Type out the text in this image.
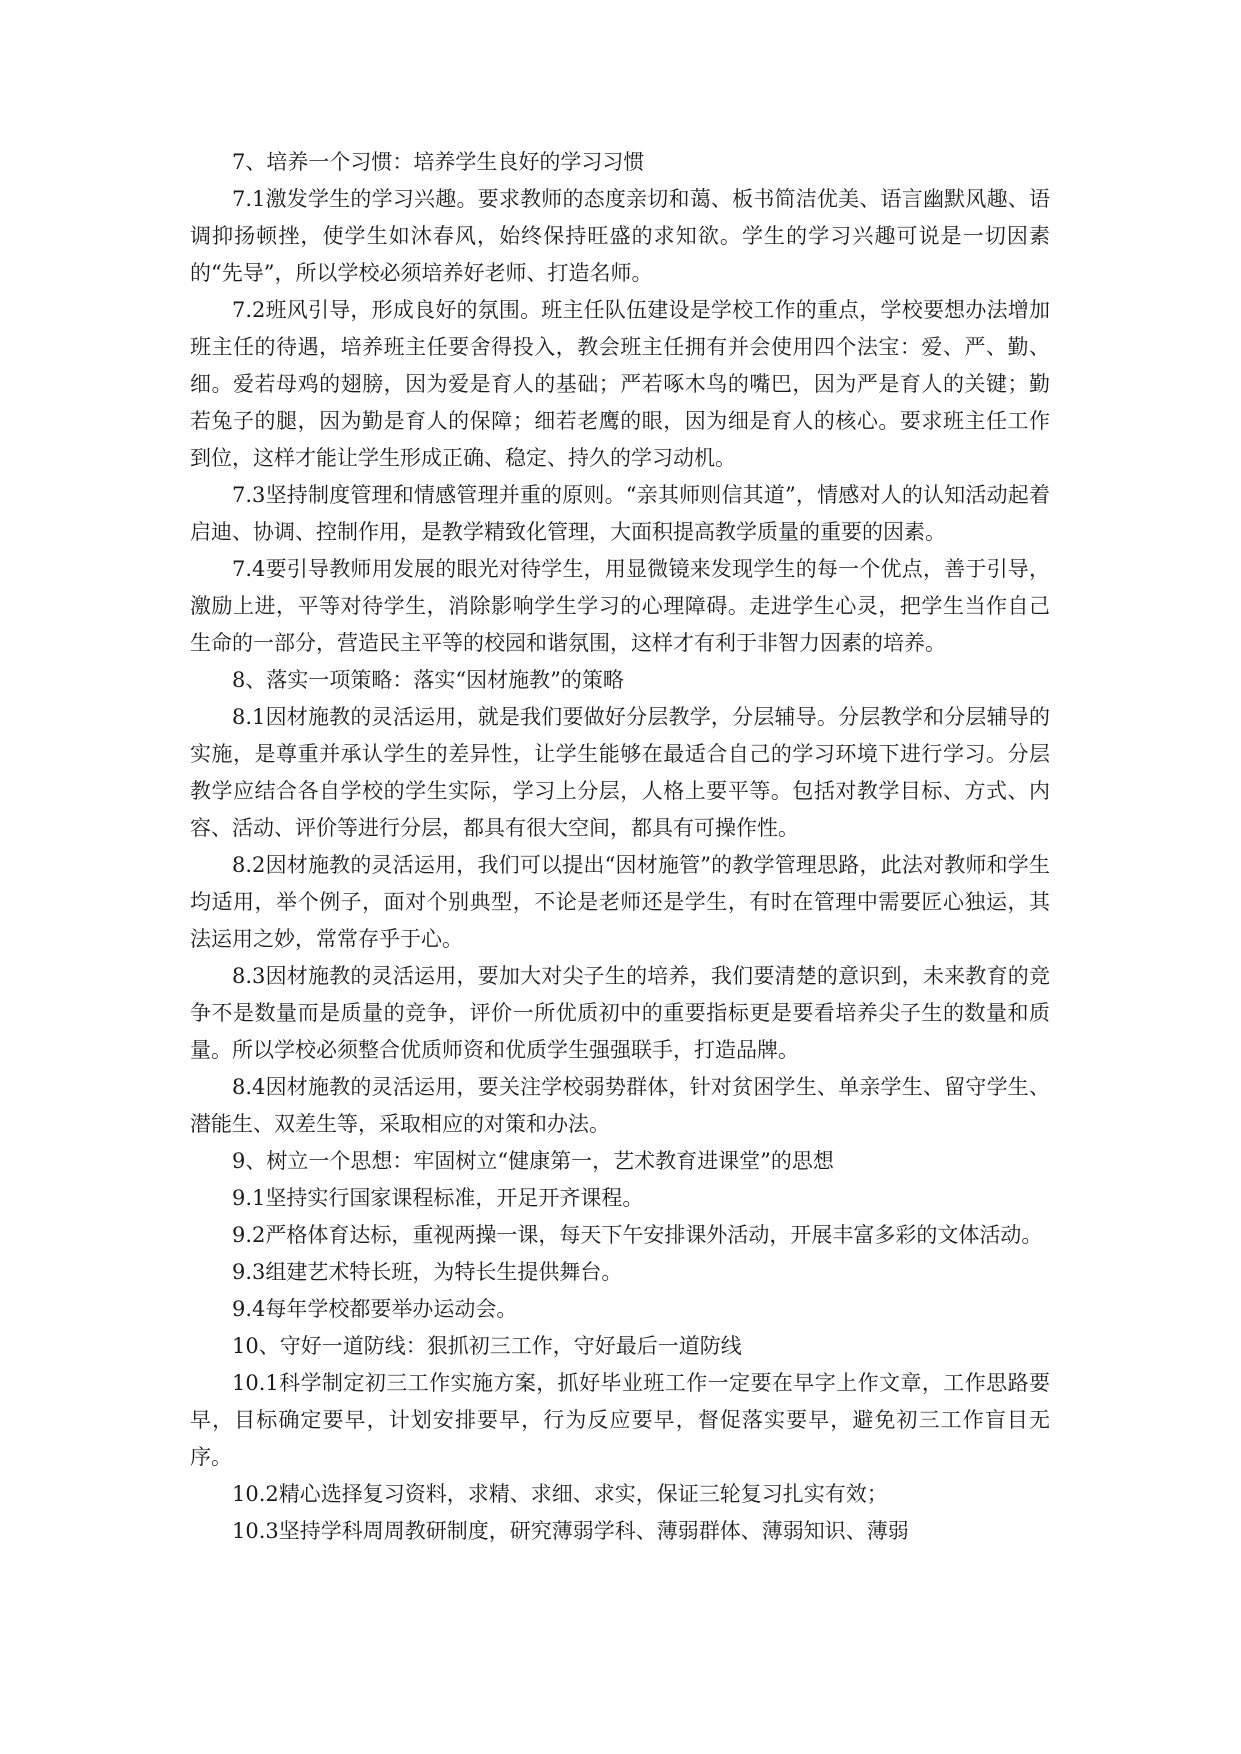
7、培养一个习惯：培养学生良好的学习习惯

7.1激发学生的学习兴趣。要求教师的态度亲切和蔼、板书简洁优美、语言幽默风趣、语调抑扬顿挫，使学生如沐春风，始终保持旺盛的求知欲。学生的学习兴趣可说是一切因素的“先导”，所以学校必须培养好老师、打造名师。

7.2班风引导，形成良好的氛围。班主任队伍建设是学校工作的重点，学校要想办法增加班主任的待遇，培养班主任要舍得投入，教会班主任拥有并会使用四个法宝：爱、严、勤、细。爱若母鸡的翅膀，因为爱是育人的基础；严若啄木鸟的嘴巴，因为严是育人的关键；勤若兔子的腿，因为勤是育人的保障；细若老鹰的眼，因为细是育人的核心。要求班主任工作到位，这样才能让学生形成正确、稳定、持久的学习动机。

7.3坚持制度管理和情感管理并重的原则。“亲其师则信其道”，情感对人的认知活动起着启迪、协调、控制作用，是教学精致化管理，大面积提高教学质量的重要的因素。

7.4要引导教师用发展的眼光对待学生，用显微镜来发现学生的每一个优点，善于引导，激励上进，平等对待学生，消除影响学生学习的心理障碍。走进学生心灵，把学生当作自己生命的一部分，营造民主平等的校园和谐氛围，这样才有利于非智力因素的培养。

8、落实一项策略：落实“因材施教”的策略

8.1因材施教的灵活运用，就是我们要做好分层教学，分层辅导。分层教学和分层辅导的实施，是尊重并承认学生的差异性，让学生能够在最适合自己的学习环境下进行学习。分层教学应结合各自学校的学生实际，学习上分层，人格上要平等。包括对教学目标、方式、内容、活动、评价等进行分层，都具有很大空间，都具有可操作性。

8.2因材施教的灵活运用，我们可以提出“因材施管”的教学管理思路，此法对教师和学生均适用，举个例子，面对个别典型，不论是老师还是学生，有时在管理中需要匠心独运，其法运用之妙，常常存乎于心。

8.3因材施教的灵活运用，要加大对尖子生的培养，我们要清楚的意识到，未来教育的竞争不是数量而是质量的竞争，评价一所优质初中的重要指标更是要看培养尖子生的数量和质量。所以学校必须整合优质师资和优质学生强强联手，打造品牌。

8.4因材施教的灵活运用，要关注学校弱势群体，针对贫困学生、单亲学生、留守学生、潜能生、双差生等，采取相应的对策和办法。

9、树立一个思想：牢固树立“健康第一，艺术教育进课堂”的思想

9.1坚持实行国家课程标准，开足开齐课程。

9.2严格体育达标，重视两操一课，每天下午安排课外活动，开展丰富多彩的文体活动。

9.3组建艺术特长班，为特长生提供舞台。

9.4每年学校都要举办运动会。

10、守好一道防线：狠抓初三工作，守好最后一道防线

10.1科学制定初三工作实施方案，抓好毕业班工作一定要在早字上作文章，工作思路要早，目标确定要早，计划安排要早，行为反应要早，督促落实要早，避免初三工作盲目无序。

10.2精心选择复习资料，求精、求细、求实，保证三轮复习扎实有效；

10.3坚持学科周周教研制度，研究薄弱学科、薄弱群体、薄弱知识、薄弱
